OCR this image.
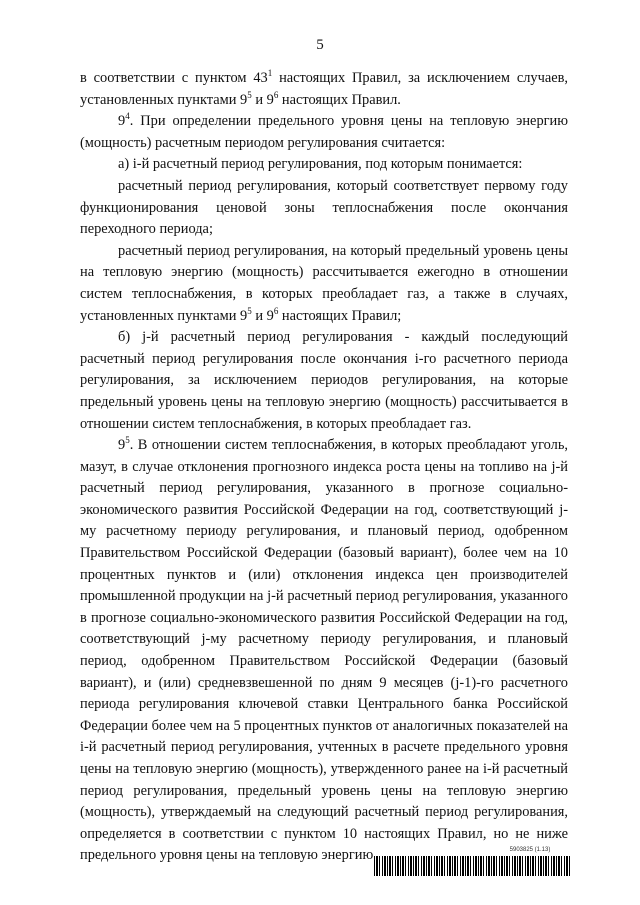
5

в соответствии с пунктом $43^1$ настоящих Правил, за исключением случаев, установленных пунктами $9^5$ и $9^6$ настоящих Правил.

$9^4$. При определении предельного уровня цены на тепловую энергию (мощность) расчетным периодом регулирования считается:

а) i-й расчетный период регулирования, под которым понимается:

расчетный период регулирования, который соответствует первому году функционирования ценовой зоны теплоснабжения после окончания переходного периода;

расчетный период регулирования, на который предельный уровень цены на тепловую энергию (мощность) рассчитывается ежегодно в отношении систем теплоснабжения, в которых преобладает газ, а также в случаях, установленных пунктами $9^5$ и $9^6$ настоящих Правил;

б) j-й расчетный период регулирования - каждый последующий расчетный период регулирования после окончания i-го расчетного периода регулирования, за исключением периодов регулирования, на которые предельный уровень цены на тепловую энергию (мощность) рассчитывается в отношении систем теплоснабжения, в которых преобладает газ.

$9^5$. В отношении систем теплоснабжения, в которых преобладают уголь, мазут, в случае отклонения прогнозного индекса роста цены на топливо на j-й расчетный период регулирования, указанного в прогнозе социально-экономического развития Российской Федерации на год, соответствующий j-му расчетному периоду регулирования, и плановый период, одобренном Правительством Российской Федерации (базовый вариант), более чем на 10 процентных пунктов и (или) отклонения индекса цен производителей промышленной продукции на j-й расчетный период регулирования, указанного в прогнозе социально-экономического развития Российской Федерации на год, соответствующий j-му расчетному периоду регулирования, и плановый период, одобренном Правительством Российской Федерации (базовый вариант), и (или) средневзвешенной по дням 9 месяцев (j-1)-го расчетного периода регулирования ключевой ставки Центрального банка Российской Федерации более чем на 5 процентных пунктов от аналогичных показателей на i-й расчетный период регулирования, учтенных в расчете предельного уровня цены на тепловую энергию (мощность), утвержденного ранее на i-й расчетный период регулирования, предельный уровень цены на тепловую энергию (мощность), утверждаемый на следующий расчетный период регулирования, определяется в соответствии с пунктом 10 настоящих Правил, но не ниже предельного уровня цены на тепловую энергию	5903825 (1.13)
